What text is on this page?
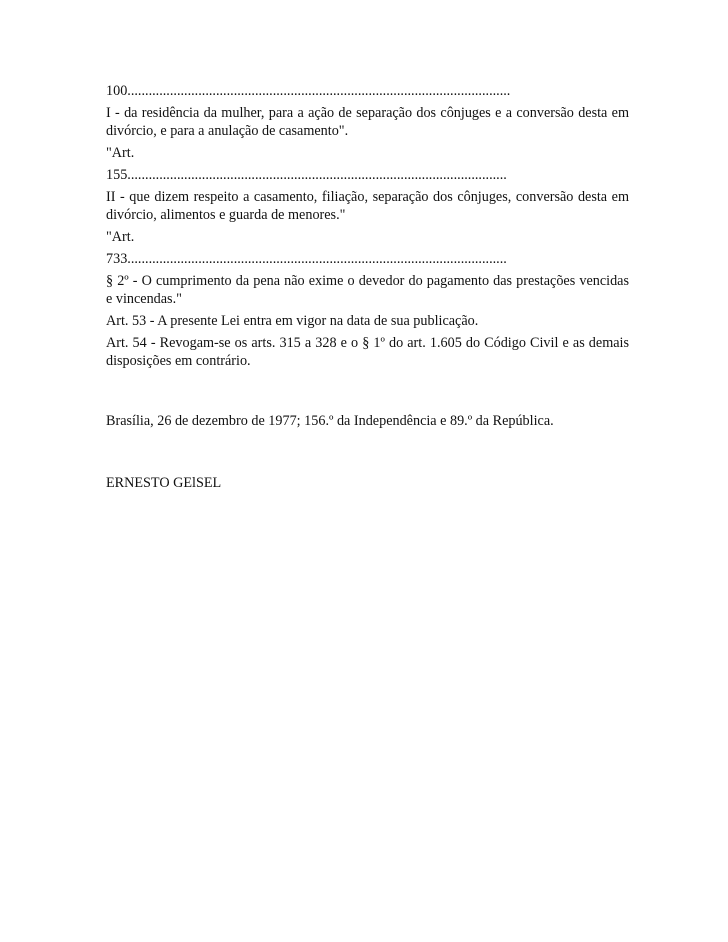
100............................................................................................................

I - da residência da mulher, para a ação de separação dos cônjuges e a conversão desta em divórcio, e para a anulação de casamento".

"Art.

155...........................................................................................................

II - que dizem respeito a casamento, filiação, separação dos cônjuges, conversão desta em divórcio, alimentos e guarda de menores."

"Art.

733...........................................................................................................

§ 2º - O cumprimento da pena não exime o devedor do pagamento das prestações vencidas e vincendas."

Art. 53 - A presente Lei entra em vigor na data de sua publicação.

Art. 54 - Revogam-se os arts. 315 a 328 e o § 1º do art. 1.605 do Código Civil e as demais disposições em contrário.

Brasília, 26 de dezembro de 1977; 156.º da Independência e 89.º da República.

ERNESTO GElSEL
